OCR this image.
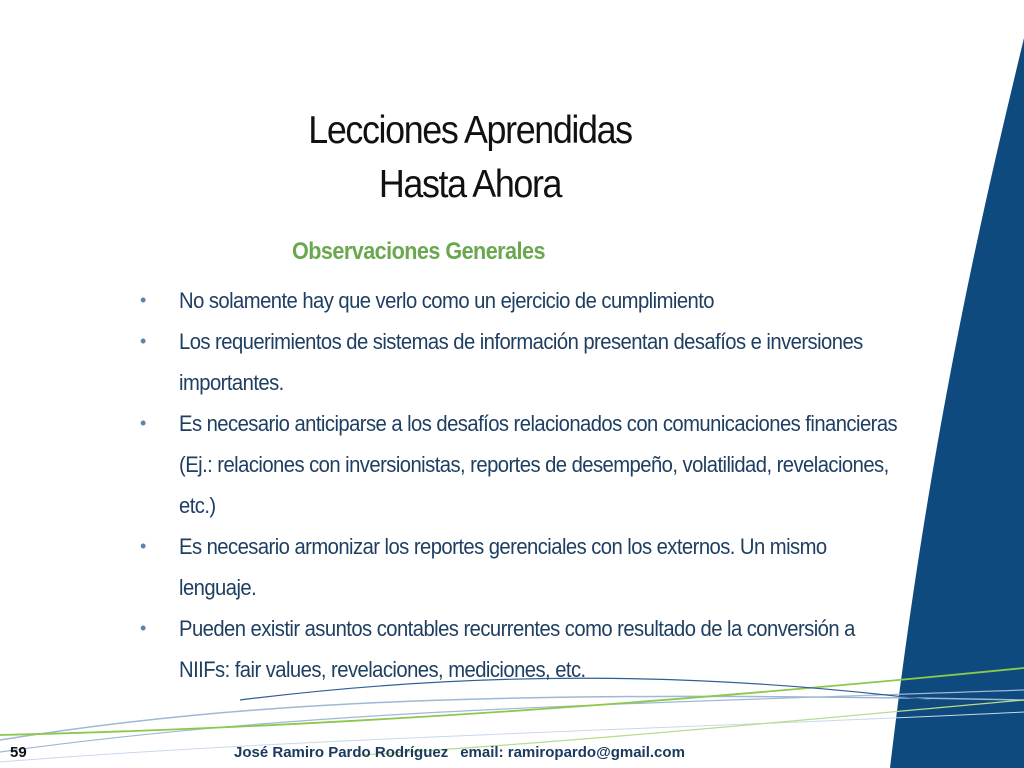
Lecciones Aprendidas
Hasta Ahora
Observaciones Generales
• No solamente hay que verlo como un ejercicio de cumplimiento
• Los requerimientos de sistemas de información presentan desafíos e inversiones importantes.
• Es necesario anticiparse a los desafíos relacionados con comunicaciones financieras (Ej.: relaciones con inversionistas, reportes de desempeño, volatilidad, revelaciones, etc.)
• Es necesario armonizar los reportes gerenciales con los externos. Un mismo lenguaje.
• Pueden existir asuntos contables recurrentes como resultado de la conversión a NIIFs: fair values, revelaciones, mediciones, etc.
59	José Ramiro Pardo Rodríguez email: ramiropardo@gmail.com
